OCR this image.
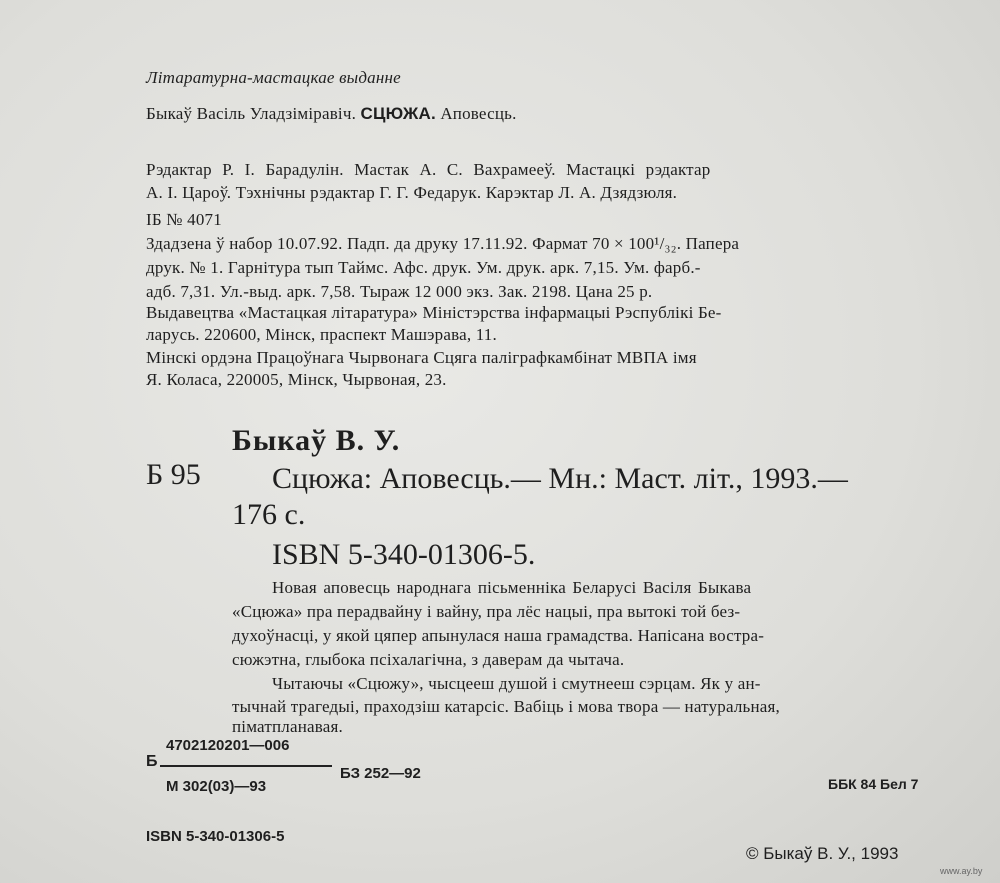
Літаратурна-мастацкае выданне
Быкаў Васіль Уладзіміравіч. СЦЮЖА. Аповесць.
Рэдактар Р. І. Барадулін. Мастак А. С. Вахрамееў. Мастацкі рэдактар
А. І. Цароў. Тэхнічны рэдактар Г. Г. Федарук. Карэктар Л. А. Дзядзюля.
ІБ № 4071
Здадзена ў набор 10.07.92. Падп. да друку 17.11.92. Фармат 70 × 100¹/₃₂. Папера
друк. № 1. Гарнітура тып Таймс. Афс. друк. Ум. друк. арк. 7,15. Ум. фарб.-
адб. 7,31. Ул.-выд. арк. 7,58. Тыраж 12 000 экз. Зак. 2198. Цана 25 р.
Выдавецтва «Мастацкая літаратура» Міністэрства інфармацыі Рэспублікі Бе-
ларусь. 220600, Мінск, праспект Машэрава, 11.
Мінскі ордэна Працоўнага Чырвонага Сцяга паліграфкамбінат МВПА імя
Я. Коласа, 220005, Мінск, Чырвоная, 23.
Быкаў В. У.
Б 95 Сцюжа: Аповесць.— Мн.: Маст. літ., 1993.—
176 с.
ISBN 5-340-01306-5.
Новая аповесць народнага пісьменніка Беларусі Васіля Быкава
«Сцюжа» пра перадвайну і вайну, пра лёс нацыі, пра вытокі той без-
духоўнасці, у якой цяпер апынулася наша грамадства. Напісана востра-
сюжэтна, глыбока псіхалагічна, з даверам да чытача.
Чытаючы «Сцюжу», чысцееш душой і смутнееш сэрцам. Як у ан-
тычнай трагедыі, праходзіш катарсіс. Вабіць і мова твора — натуральная,
піматпланавая.
4702120201—006
Б
М 302(03)—93
БЗ 252—92
ББК 84 Бел 7
ISBN 5-340-01306-5
© Быкаў В. У., 1993
www.ay.by
